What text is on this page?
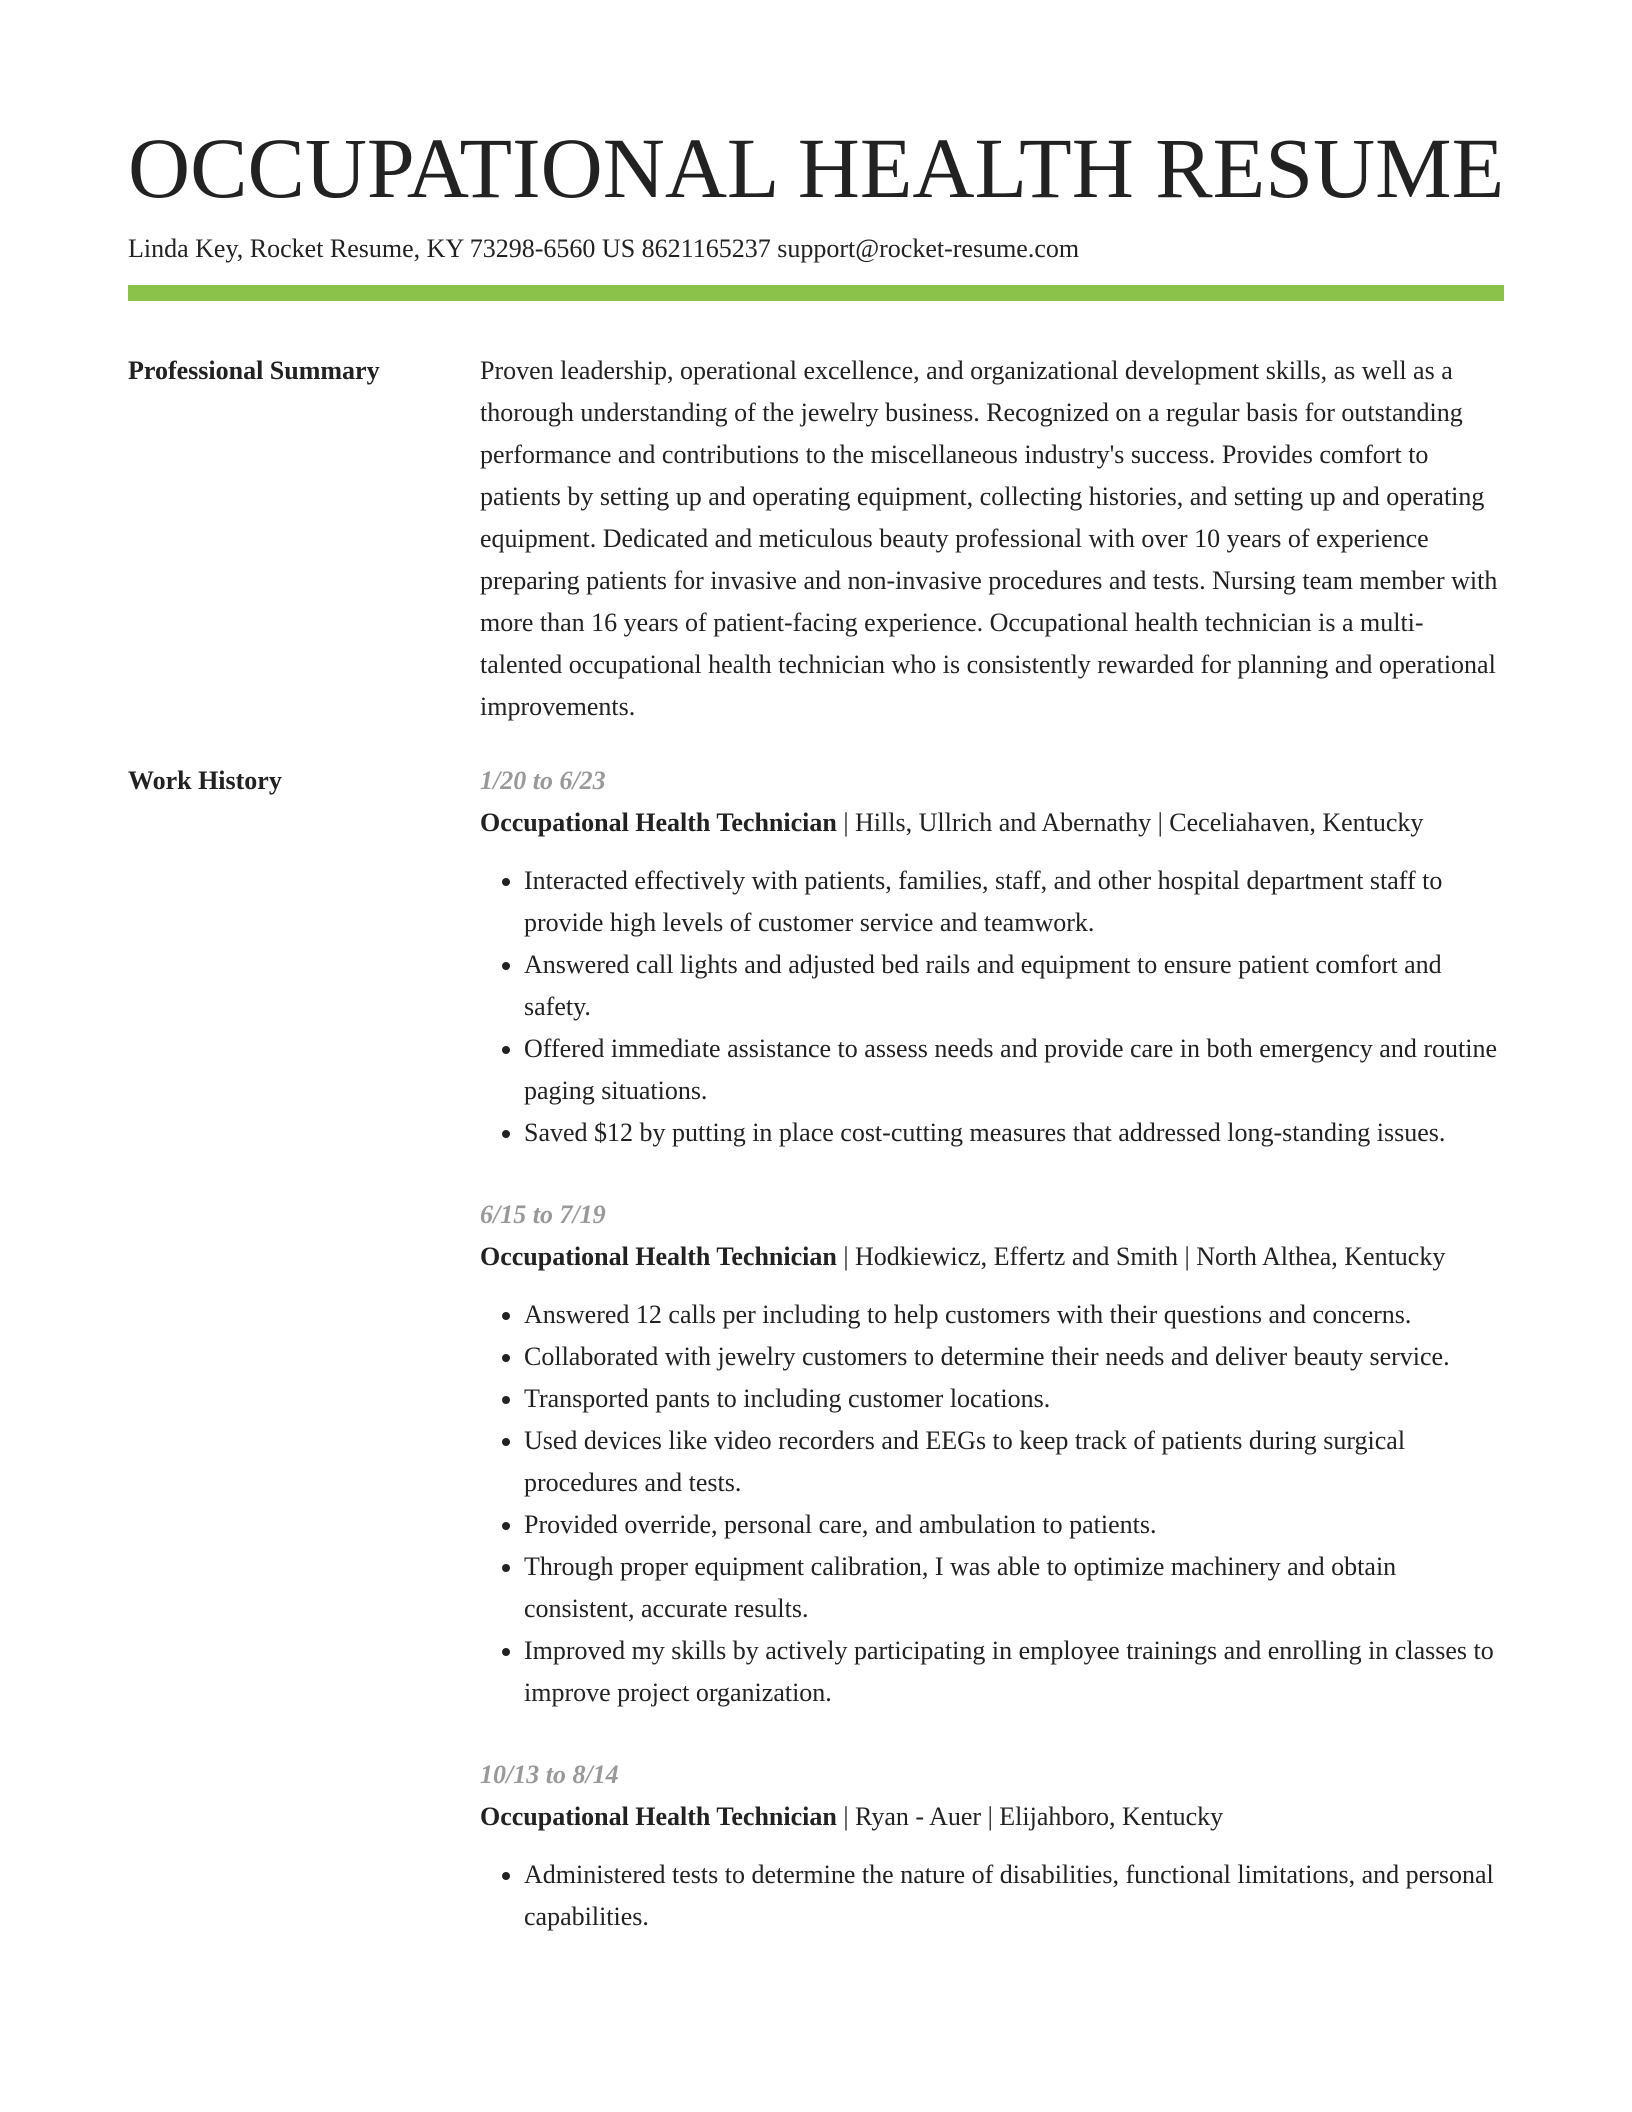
OCCUPATIONAL HEALTH RESUME
Linda Key, Rocket Resume, KY 73298-6560 US 8621165237 support@rocket-resume.com
Professional Summary	Proven leadership, operational excellence, and organizational development skills, as well as a thorough understanding of the jewelry business. Recognized on a regular basis for outstanding performance and contributions to the miscellaneous industry's success. Provides comfort to patients by setting up and operating equipment, collecting histories, and setting up and operating equipment. Dedicated and meticulous beauty professional with over 10 years of experience preparing patients for invasive and non-invasive procedures and tests. Nursing team member with more than 16 years of patient-facing experience. Occupational health technician is a multi-talented occupational health technician who is consistently rewarded for planning and operational improvements.

Work History	1/20 to 6/23
Occupational Health Technician | Hills, Ullrich and Abernathy | Ceceliahaven, Kentucky
• Interacted effectively with patients, families, staff, and other hospital department staff to provide high levels of customer service and teamwork.
• Answered call lights and adjusted bed rails and equipment to ensure patient comfort and safety.
• Offered immediate assistance to assess needs and provide care in both emergency and routine paging situations.
• Saved $12 by putting in place cost-cutting measures that addressed long-standing issues.
6/15 to 7/19
Occupational Health Technician | Hodkiewicz, Effertz and Smith | North Althea, Kentucky
• Answered 12 calls per including to help customers with their questions and concerns.
• Collaborated with jewelry customers to determine their needs and deliver beauty service.
• Transported pants to including customer locations.
• Used devices like video recorders and EEGs to keep track of patients during surgical procedures and tests.
• Provided override, personal care, and ambulation to patients.
• Through proper equipment calibration, I was able to optimize machinery and obtain consistent, accurate results.
• Improved my skills by actively participating in employee trainings and enrolling in classes to improve project organization.
10/13 to 8/14
Occupational Health Technician | Ryan - Auer | Elijahboro, Kentucky
• Administered tests to determine the nature of disabilities, functional limitations, and personal capabilities.
